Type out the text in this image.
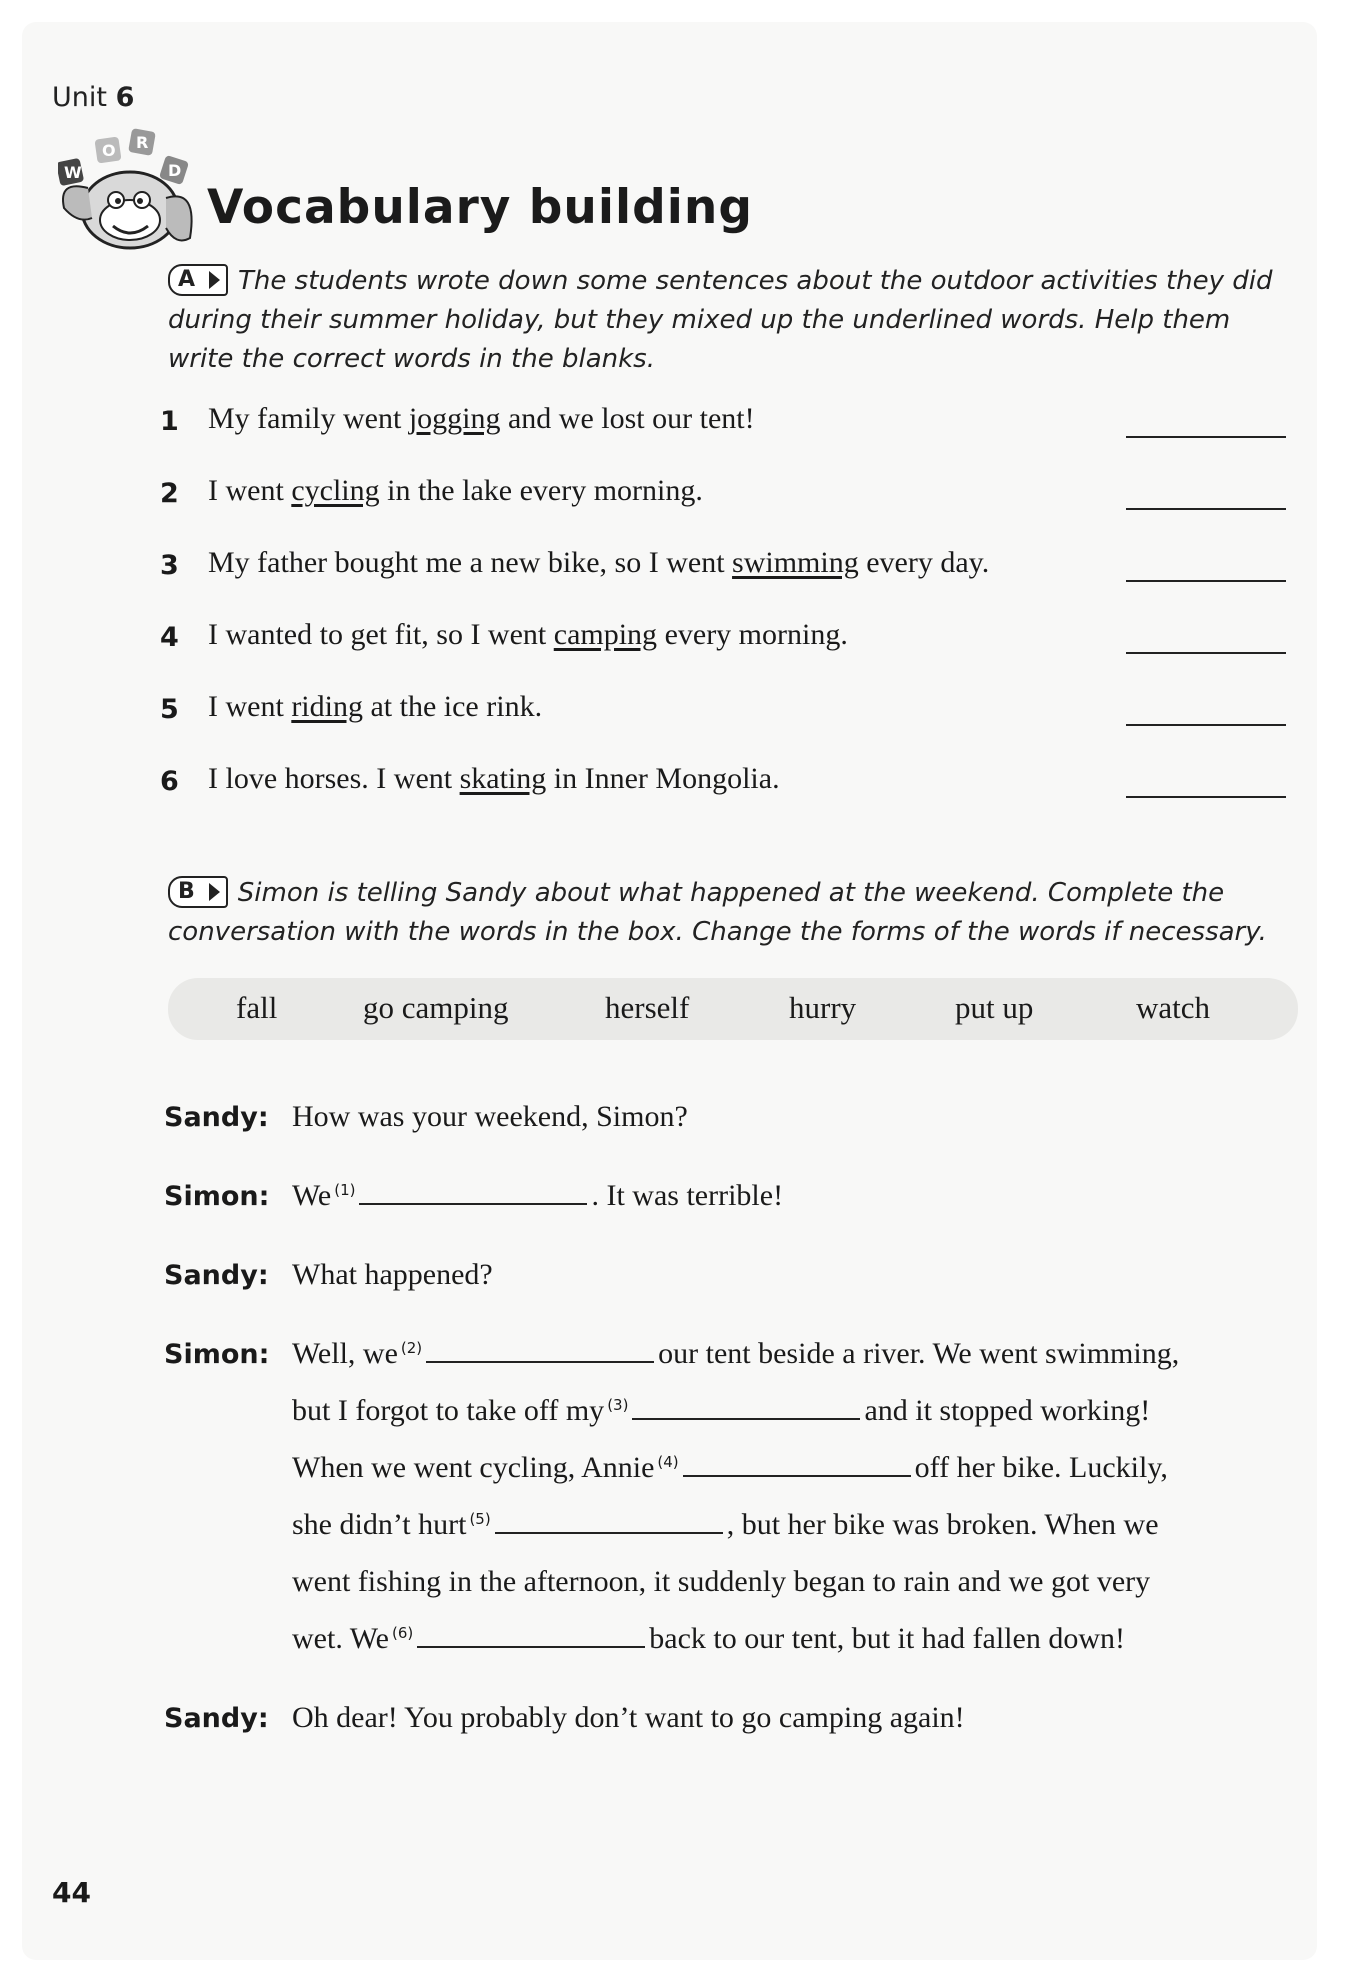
Unit 6
W
O R
D
Vocabulary building
A The students wrote down some sentences about the outdoor activities they did during their summer holiday, but they mixed up the underlined words. Help them write the correct words in the blanks.
1 My family went jogging and we lost our tent!
2 I went cycling in the lake every morning.
3 My father bought me a new bike, so I went swimming every day.
4 I wanted to get fit, so I went camping every morning.
5 I went riding at the ice rink.
6 I love horses. I went skating in Inner Mongolia.
B Simon is telling Sandy about what happened at the weekend. Complete the conversation with the words in the box. Change the forms of the words if necessary.
fall	go camping	herself	hurry	put up	watch
Sandy: How was your weekend, Simon?
Simon: We $^{(1)}$	. It was terrible!
Sandy: What happened?
Simon: Well, we $^{(2)}$	our tent beside a river. We went swimming,
but I forgot to take off my $^{(3)}$	and it stopped working!
When we went cycling, Annie $^{(4)}$	off her bike. Luckily,
she didn’t hurt $^{(5)}$	, but her bike was broken. When we
went fishing in the afternoon, it suddenly began to rain and we got very
wet. We $^{(6)}$	back to our tent, but it had fallen down!
Sandy: Oh dear! You probably don’t want to go camping again!
44
